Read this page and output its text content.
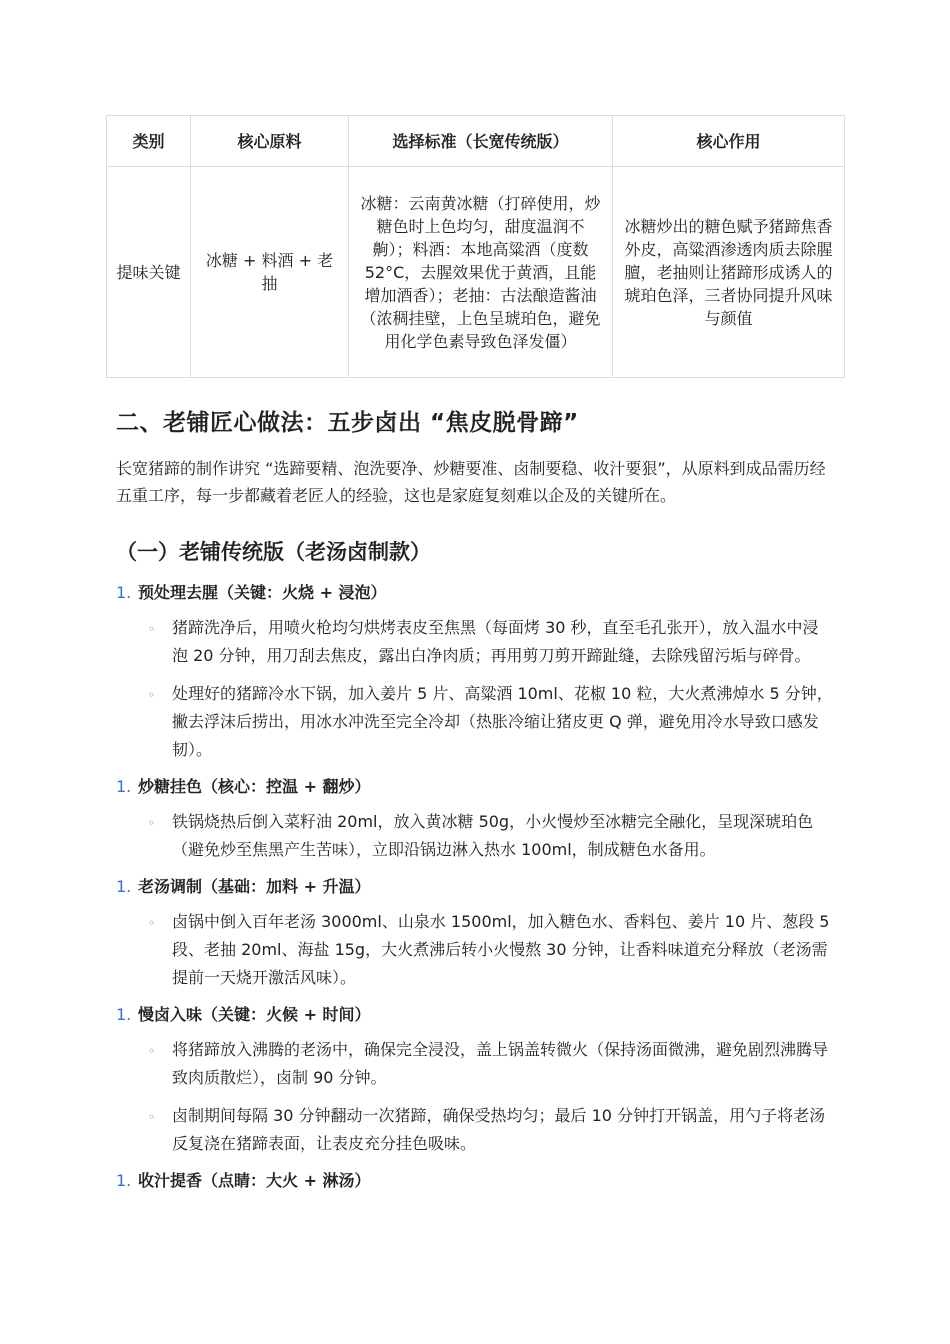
类别	核心原料	选择标准（长宽传统版）	核心作用
提味关键	冰糖 + 料酒 + 老抽	冰糖：云南黄冰糖（打碎使用，炒糖色时上色均匀，甜度温润不齁）；料酒：本地高粱酒（度数 52°C，去腥效果优于黄酒，且能增加酒香）；老抽：古法酿造酱油（浓稠挂壁，上色呈琥珀色，避免用化学色素导致色泽发僵）	冰糖炒出的糖色赋予猪蹄焦香外皮，高粱酒渗透肉质去除腥膻，老抽则让猪蹄形成诱人的琥珀色泽，三者协同提升风味与颜值
二、老铺匠心做法：五步卤出 “焦皮脱骨蹄”

长宽猪蹄的制作讲究 “选蹄要精、泡洗要净、炒糖要准、卤制要稳、收汁要狠”，从原料到成品需历经五重工序，每一步都藏着老匠人的经验，这也是家庭复刻难以企及的关键所在。

（一）老铺传统版（老汤卤制款）

1. 预处理去腥（关键：火烧 + 浸泡）

◦ 猪蹄洗净后，用喷火枪均匀烘烤表皮至焦黑（每面烤 30 秒，直至毛孔张开），放入温水中浸泡 20 分钟，用刀刮去焦皮，露出白净肉质；再用剪刀剪开蹄趾缝，去除残留污垢与碎骨。
◦ 处理好的猪蹄冷水下锅，加入姜片 5 片、高粱酒 10ml、花椒 10 粒，大火煮沸焯水 5 分钟，撇去浮沫后捞出，用冰水冲洗至完全冷却（热胀冷缩让猪皮更 Q 弹，避免用冷水导致口感发韧）。

1. 炒糖挂色（核心：控温 + 翻炒）

◦ 铁锅烧热后倒入菜籽油 20ml，放入黄冰糖 50g，小火慢炒至冰糖完全融化，呈现深琥珀色（避免炒至焦黑产生苦味），立即沿锅边淋入热水 100ml，制成糖色水备用。

1. 老汤调制（基础：加料 + 升温）

◦ 卤锅中倒入百年老汤 3000ml、山泉水 1500ml，加入糖色水、香料包、姜片 10 片、葱段 5 段、老抽 20ml、海盐 15g，大火煮沸后转小火慢熬 30 分钟，让香料味道充分释放（老汤需提前一天烧开激活风味）。

1. 慢卤入味（关键：火候 + 时间）

◦ 将猪蹄放入沸腾的老汤中，确保完全浸没，盖上锅盖转微火（保持汤面微沸，避免剧烈沸腾导致肉质散烂），卤制 90 分钟。
◦ 卤制期间每隔 30 分钟翻动一次猪蹄，确保受热均匀；最后 10 分钟打开锅盖，用勺子将老汤反复浇在猪蹄表面，让表皮充分挂色吸味。

1. 收汁提香（点睛：大火 + 淋汤）
